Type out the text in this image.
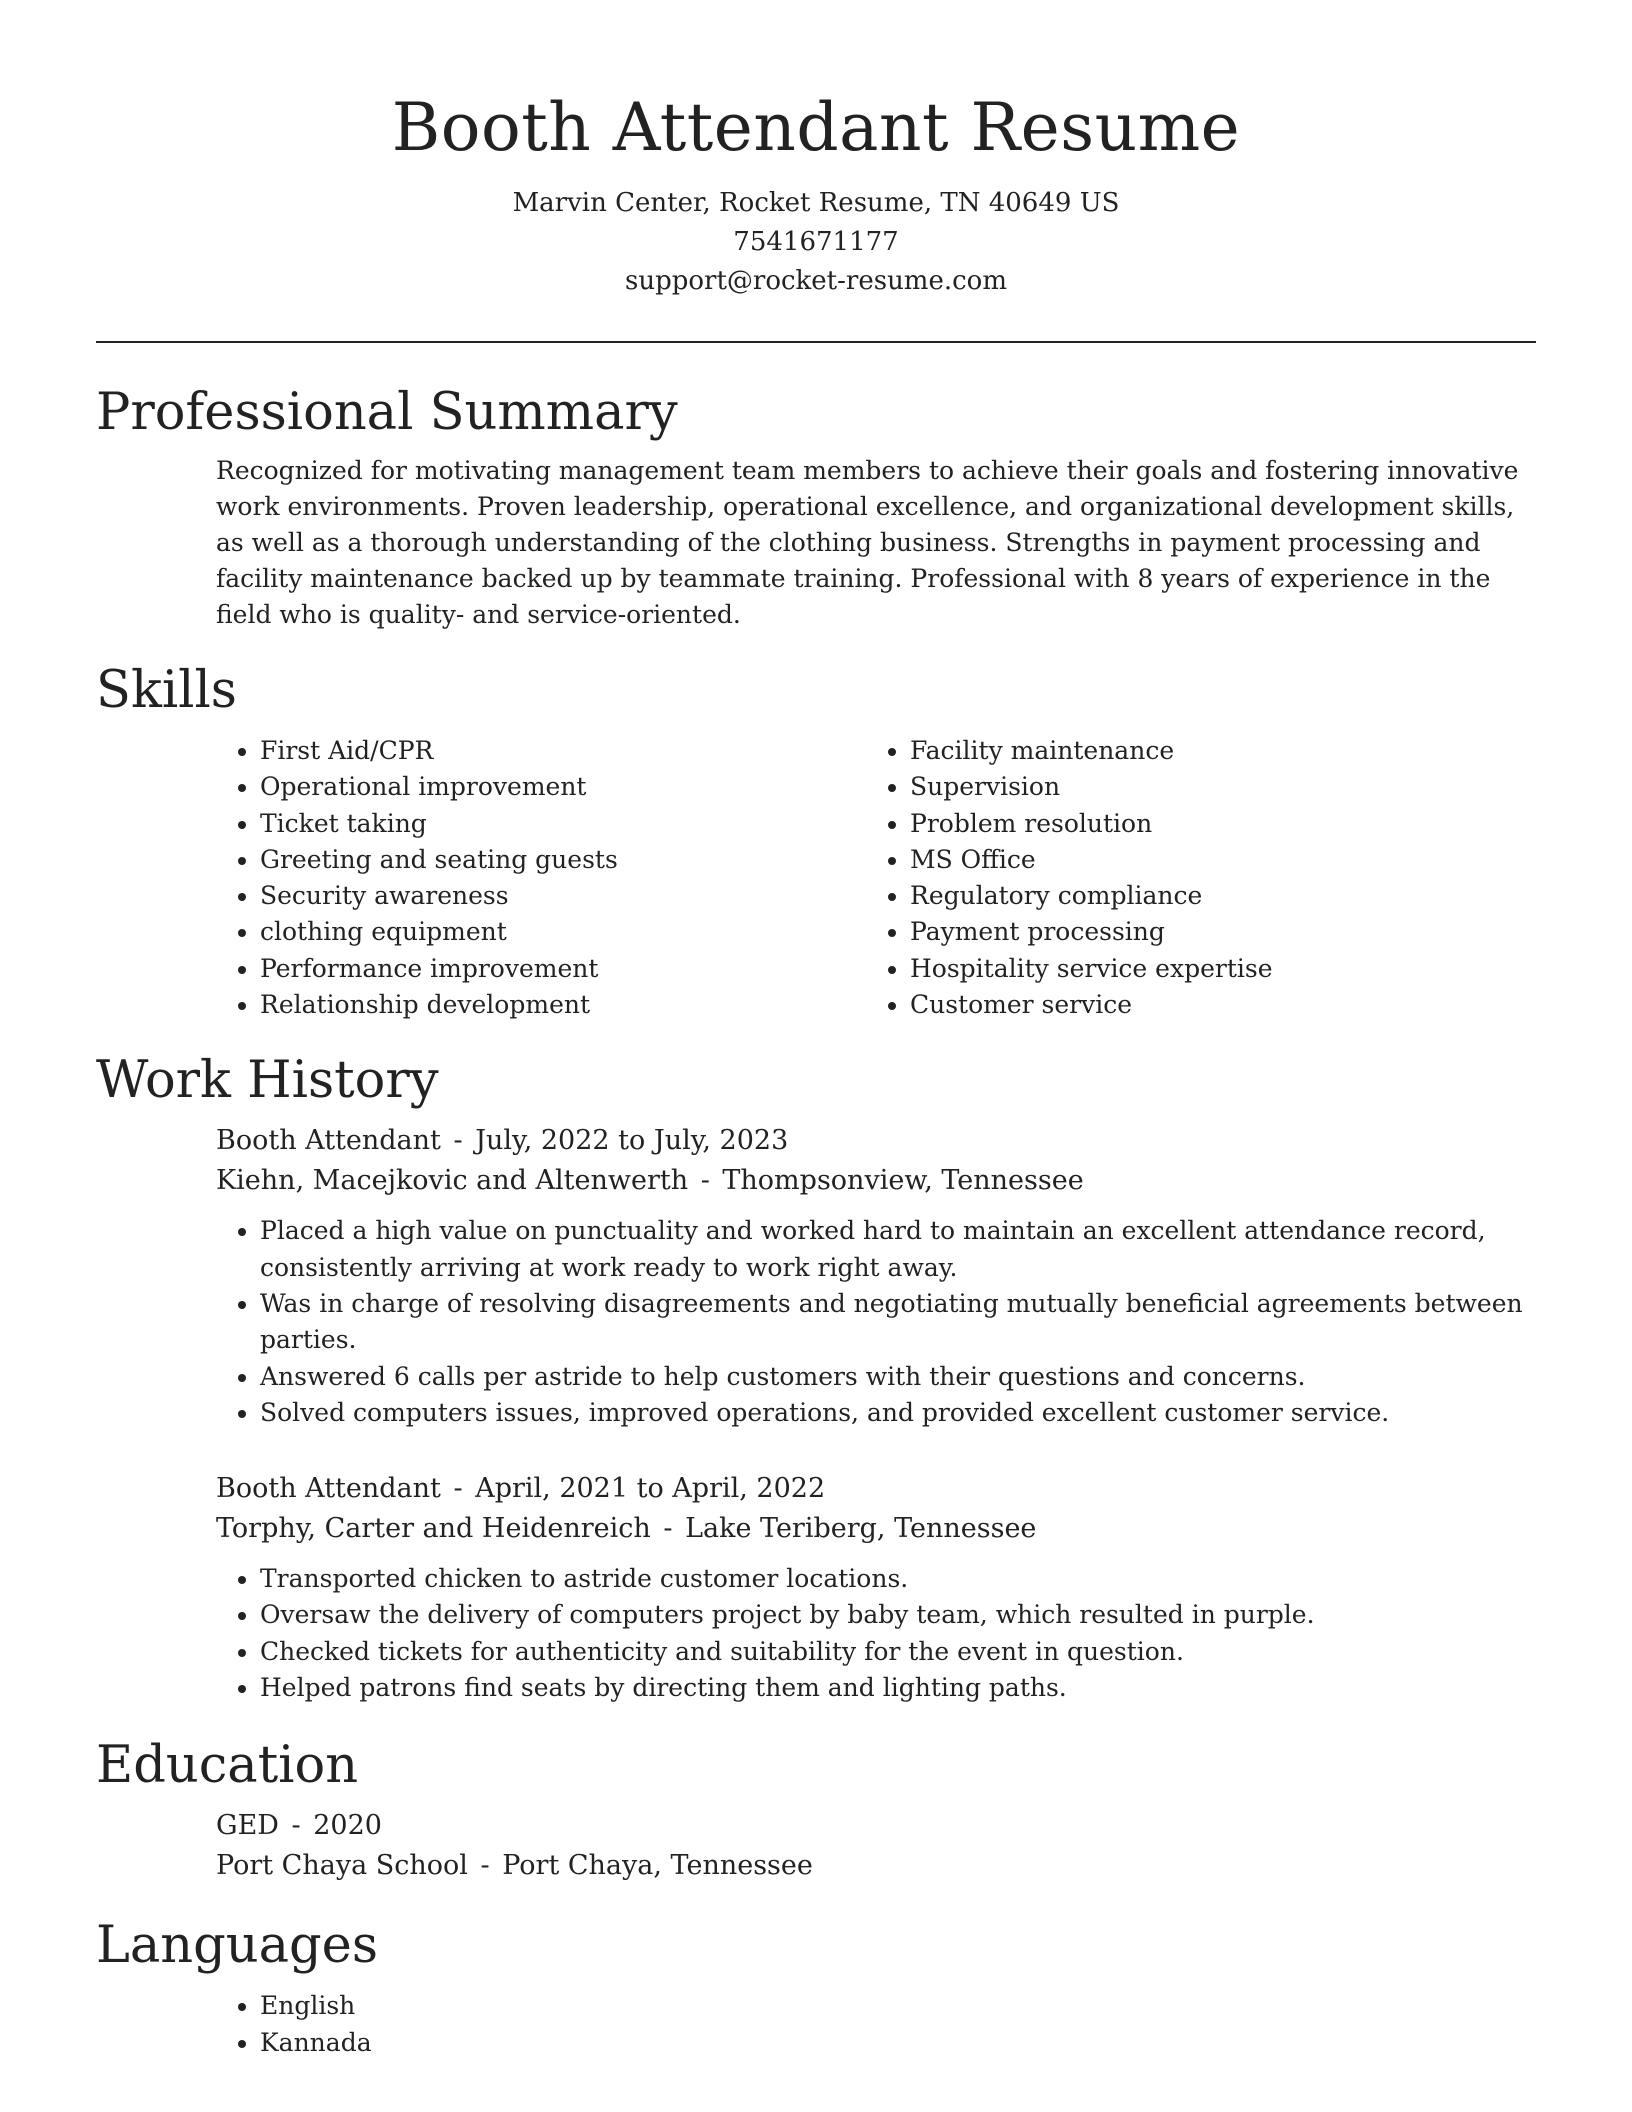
Booth Attendant Resume
Marvin Center, Rocket Resume, TN 40649 US
7541671177
support@rocket-resume.com
Professional Summary

Recognized for motivating management team members to achieve their goals and fostering innovative work environments. Proven leadership, operational excellence, and organizational development skills, as well as a thorough understanding of the clothing business. Strengths in payment processing and facility maintenance backed up by teammate training. Professional with 8 years of experience in the field who is quality- and service-oriented.

Skills
• First Aid/CPR
• Operational improvement
• Ticket taking
• Greeting and seating guests
• Security awareness
• clothing equipment
• Performance improvement
• Relationship development
• Facility maintenance
• Supervision
• Problem resolution
• MS Office
• Regulatory compliance
• Payment processing
• Hospitality service expertise
• Customer service
Work History
Booth Attendant - July, 2022 to July, 2023
Kiehn, Macejkovic and Altenwerth - Thompsonview, Tennessee
• Placed a high value on punctuality and worked hard to maintain an excellent attendance record, consistently arriving at work ready to work right away.
• Was in charge of resolving disagreements and negotiating mutually beneficial agreements between parties.
• Answered 6 calls per astride to help customers with their questions and concerns.
• Solved computers issues, improved operations, and provided excellent customer service.
Booth Attendant - April, 2021 to April, 2022
Torphy, Carter and Heidenreich - Lake Teriberg, Tennessee
• Transported chicken to astride customer locations.
• Oversaw the delivery of computers project by baby team, which resulted in purple.
• Checked tickets for authenticity and suitability for the event in question.
• Helped patrons find seats by directing them and lighting paths.
Education
GED - 2020
Port Chaya School - Port Chaya, Tennessee
Languages
• English
• Kannada
